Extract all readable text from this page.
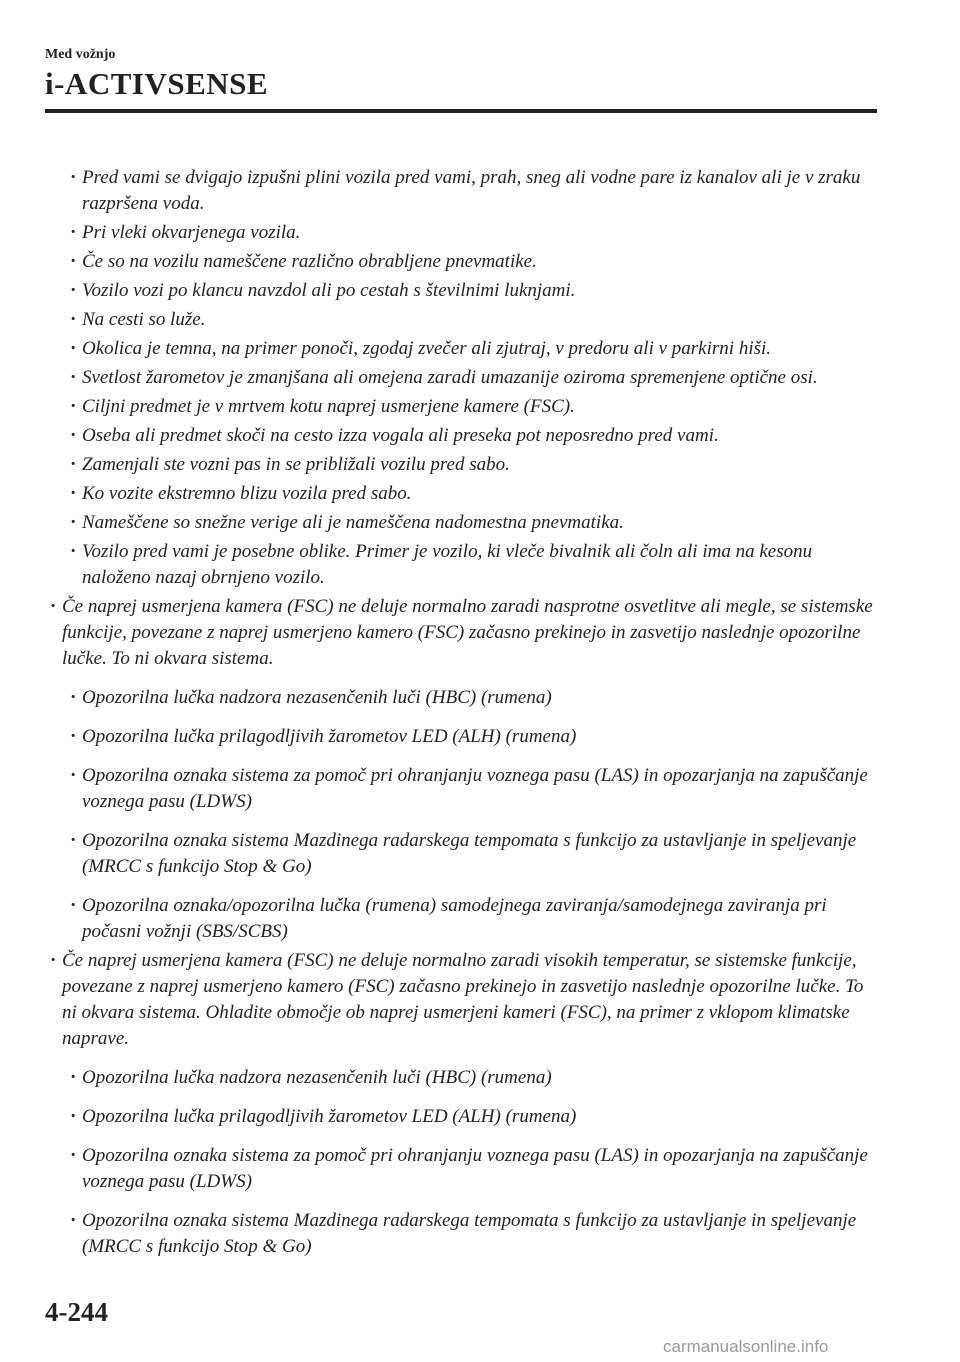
Med vožnjo
i-ACTIVSENSE
· Pred vami se dvigajo izpušni plini vozila pred vami, prah, sneg ali vodne pare iz kanalov ali je v zraku razpršena voda.
· Pri vleki okvarjenega vozila.
· Če so na vozilu nameščene različno obrabljene pnevmatike.
· Vozilo vozi po klancu navzdol ali po cestah s številnimi luknjami.
· Na cesti so luže.
· Okolica je temna, na primer ponoči, zgodaj zvečer ali zjutraj, v predoru ali v parkirni hiši.
· Svetlost žarometov je zmanjšana ali omejena zaradi umazanije oziroma spremenjene optične osi.
· Ciljni predmet je v mrtvem kotu naprej usmerjene kamere (FSC).
· Oseba ali predmet skoči na cesto izza vogala ali preseka pot neposredno pred vami.
· Zamenjali ste vozni pas in se približali vozilu pred sabo.
· Ko vozite ekstremno blizu vozila pred sabo.
· Nameščene so snežne verige ali je nameščena nadomestna pnevmatika.
· Vozilo pred vami je posebne oblike. Primer je vozilo, ki vleče bivalnik ali čoln ali ima na kesonu naloženo nazaj obrnjeno vozilo.
· Če naprej usmerjena kamera (FSC) ne deluje normalno zaradi nasprotne osvetlitve ali megle, se sistemske funkcije, povezane z naprej usmerjeno kamero (FSC) začasno prekinejo in zasvetijo naslednje opozorilne lučke. To ni okvara sistema.
· Opozorilna lučka nadzora nezasenčenih luči (HBC) (rumena)
· Opozorilna lučka prilagodljivih žarometov LED (ALH) (rumena)
· Opozorilna oznaka sistema za pomoč pri ohranjanju voznega pasu (LAS) in opozarjanja na zapuščanje voznega pasu (LDWS)
· Opozorilna oznaka sistema Mazdinega radarskega tempomata s funkcijo za ustavljanje in speljevanje (MRCC s funkcijo Stop & Go)
· Opozorilna oznaka/opozorilna lučka (rumena) samodejnega zaviranja/samodejnega zaviranja pri počasni vožnji (SBS/SCBS)
· Če naprej usmerjena kamera (FSC) ne deluje normalno zaradi visokih temperatur, se sistemske funkcije, povezane z naprej usmerjeno kamero (FSC) začasno prekinejo in zasvetijo naslednje opozorilne lučke. To ni okvara sistema. Ohladite območje ob naprej usmerjeni kameri (FSC), na primer z vklopom klimatske naprave.
· Opozorilna lučka nadzora nezasenčenih luči (HBC) (rumena)
· Opozorilna lučka prilagodljivih žarometov LED (ALH) (rumena)
· Opozorilna oznaka sistema za pomoč pri ohranjanju voznega pasu (LAS) in opozarjanja na zapuščanje voznega pasu (LDWS)
· Opozorilna oznaka sistema Mazdinega radarskega tempomata s funkcijo za ustavljanje in speljevanje (MRCC s funkcijo Stop & Go)
4-244
carmanualsonline.info
